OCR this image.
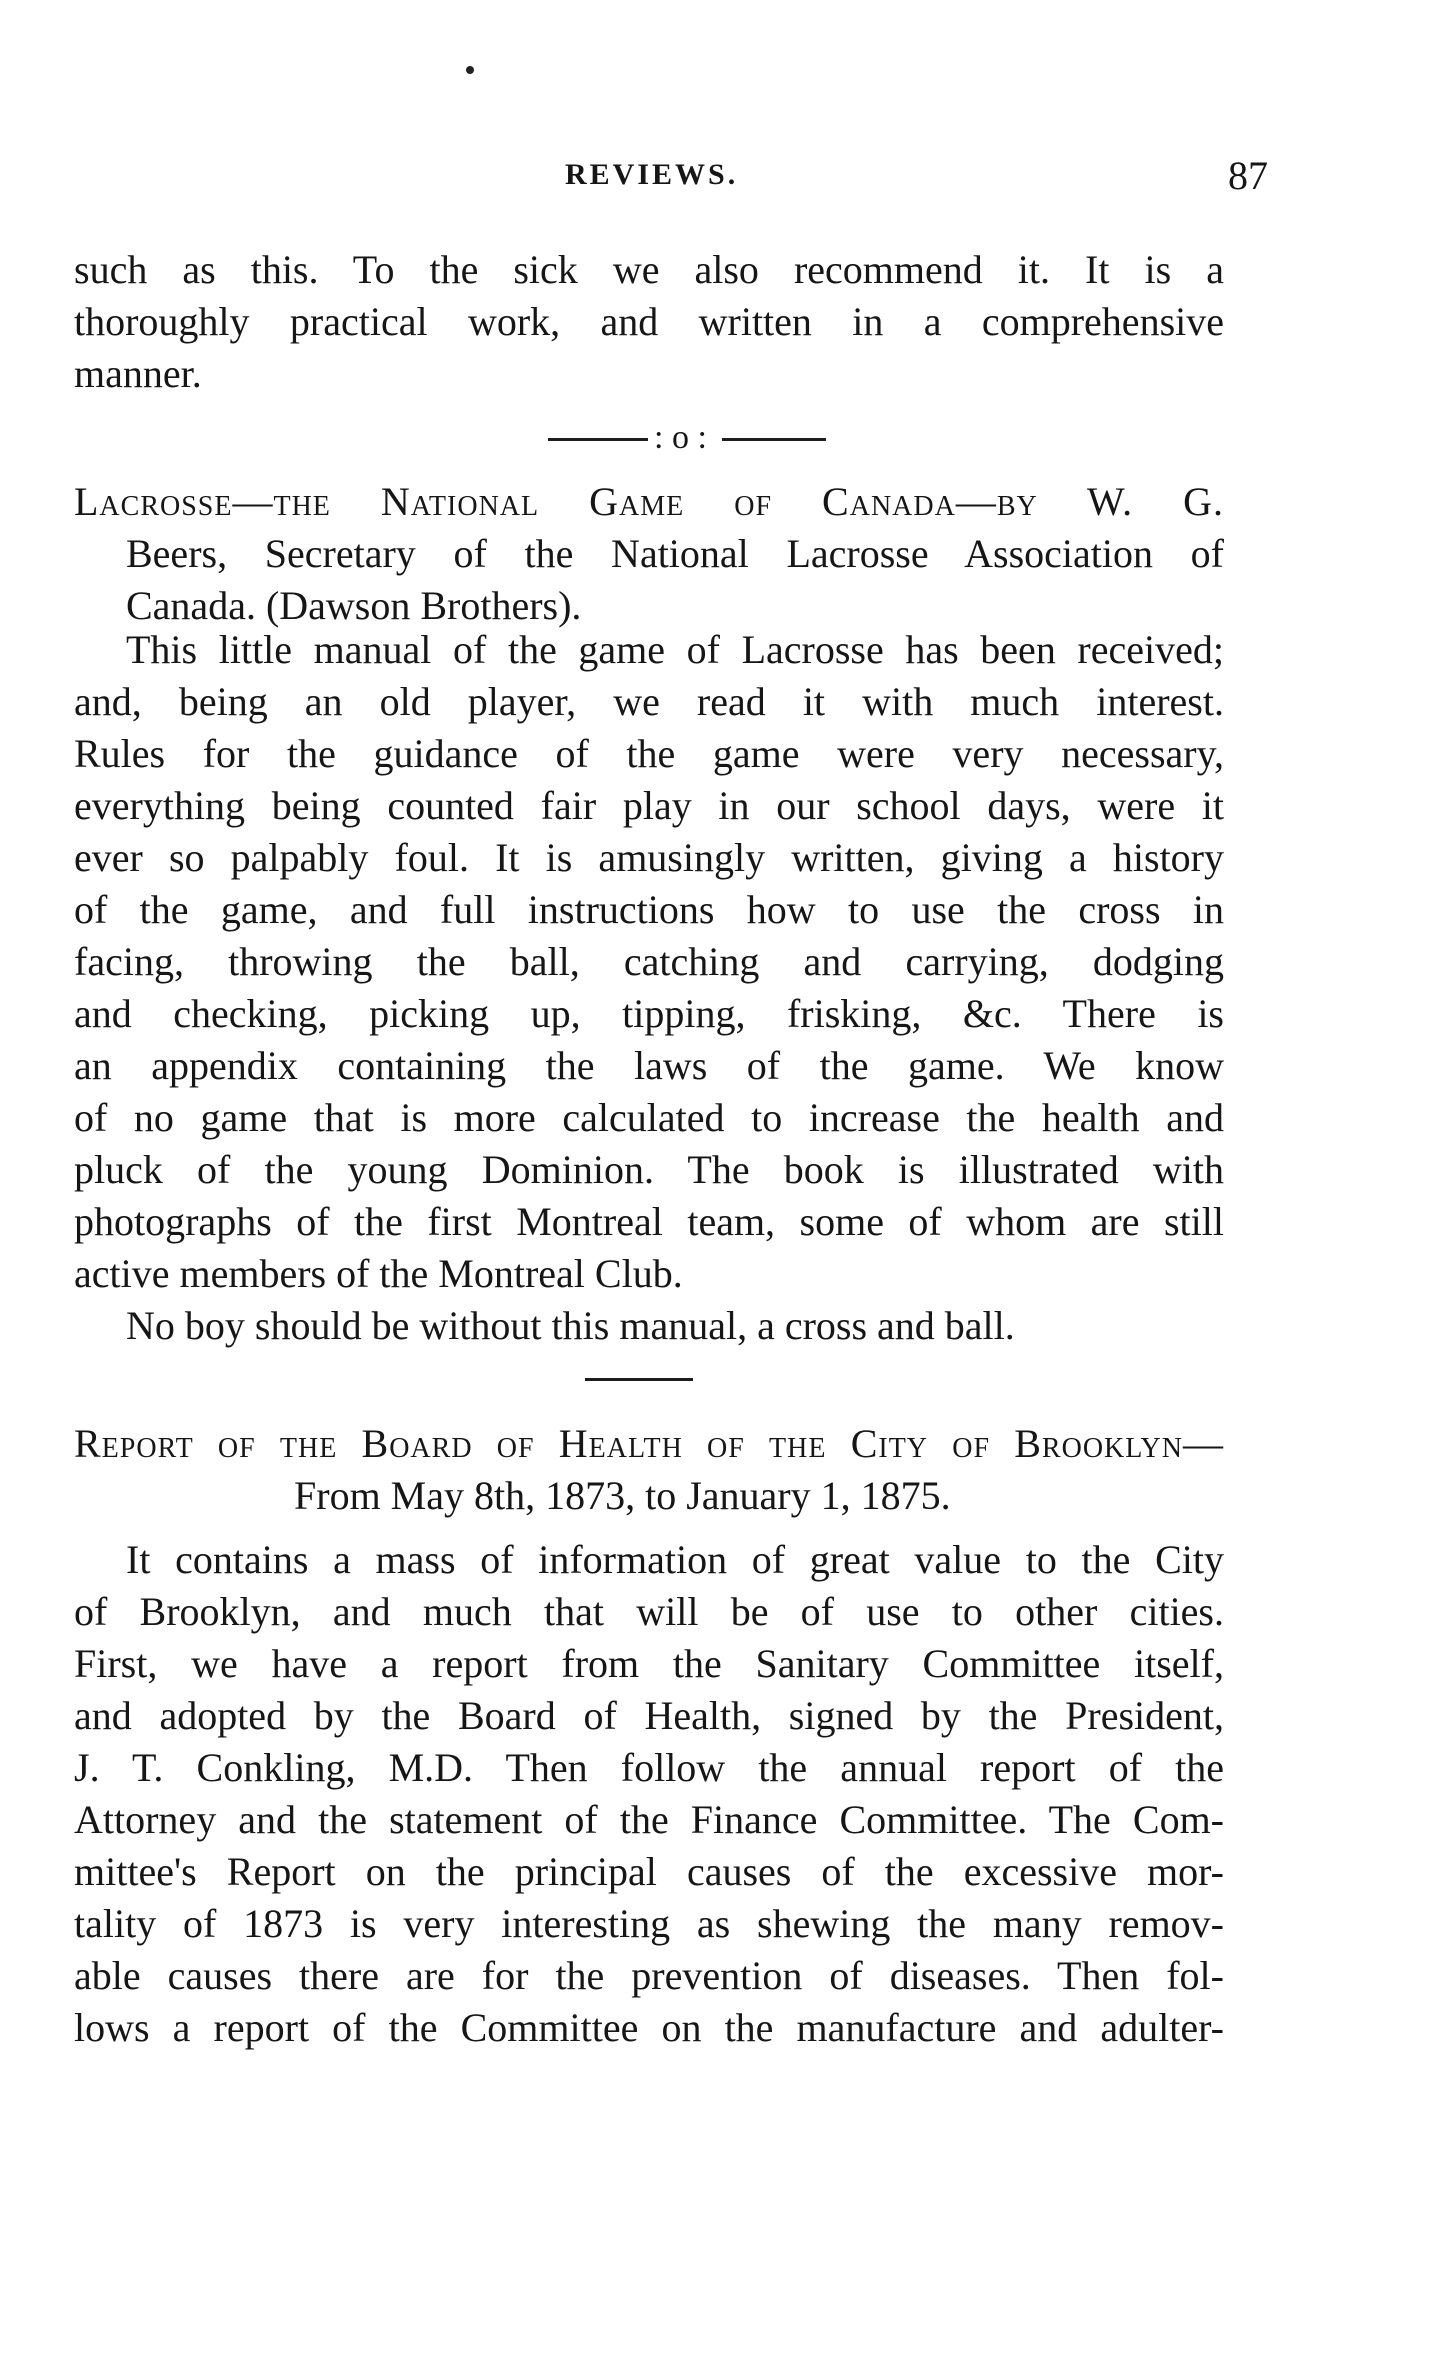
REVIEWS.	87
such as this. To the sick we also recommend it. It is a
thoroughly practical work, and written in a comprehensive
manner.
: o :
Lacrosse—the National Game of Canada—by W. G.
Beers, Secretary of the National Lacrosse Association of
Canada. (Dawson Brothers).
This little manual of the game of Lacrosse has been received;
and, being an old player, we read it with much interest.
Rules for the guidance of the game were very necessary,
everything being counted fair play in our school days, were it
ever so palpably foul. It is amusingly written, giving a history
of the game, and full instructions how to use the cross in
facing, throwing the ball, catching and carrying, dodging
and checking, picking up, tipping, frisking, &c. There is
an appendix containing the laws of the game. We know
of no game that is more calculated to increase the health and
pluck of the young Dominion. The book is illustrated with
photographs of the first Montreal team, some of whom are still
active members of the Montreal Club.
No boy should be without this manual, a cross and ball.
Report of the Board of Health of the City of Brooklyn—
From May 8th, 1873, to January 1, 1875.
It contains a mass of information of great value to the City
of Brooklyn, and much that will be of use to other cities.
First, we have a report from the Sanitary Committee itself,
and adopted by the Board of Health, signed by the President,
J. T. Conkling, M.D. Then follow the annual report of the
Attorney and the statement of the Finance Committee. The Com-
mittee's Report on the principal causes of the excessive mor-
tality of 1873 is very interesting as shewing the many remov-
able causes there are for the prevention of diseases. Then fol-
lows a report of the Committee on the manufacture and adulter-
